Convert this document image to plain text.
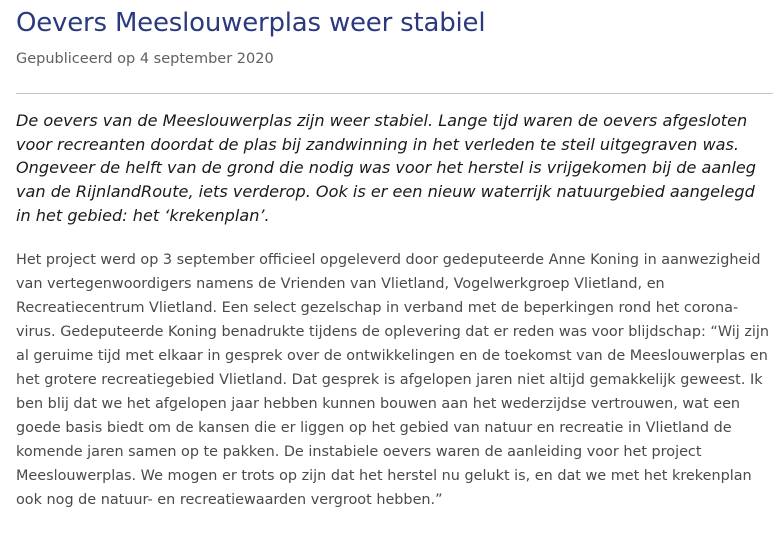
Oevers Meeslouwerplas weer stabiel

Gepubliceerd op 4 september 2020

De oevers van de Meeslouwerplas zijn weer stabiel. Lange tijd waren de oevers afgesloten voor recreanten doordat de plas bij zandwinning in het verleden te steil uitgegraven was. Ongeveer de helft van de grond die nodig was voor het herstel is vrijgekomen bij de aanleg van de RijnlandRoute, iets verderop. Ook is er een nieuw waterrijk natuurgebied aangelegd in het gebied: het ‘krekenplan’.

Het project werd op 3 september officieel opgeleverd door gedeputeerde Anne Koning in aanwezigheid van vertegenwoordigers namens de Vrienden van Vlietland, Vogelwerkgroep Vlietland, en Recreatiecentrum Vlietland. Een select gezelschap in verband met de beperkingen rond het corona-virus. Gedeputeerde Koning benadrukte tijdens de oplevering dat er reden was voor blijdschap: “Wij zijn al geruime tijd met elkaar in gesprek over de ontwikkelingen en de toekomst van de Meeslouwerplas en het grotere recreatiegebied Vlietland. Dat gesprek is afgelopen jaren niet altijd gemakkelijk geweest. Ik ben blij dat we het afgelopen jaar hebben kunnen bouwen aan het wederzijdse vertrouwen, wat een goede basis biedt om de kansen die er liggen op het gebied van natuur en recreatie in Vlietland de komende jaren samen op te pakken. De instabiele oevers waren de aanleiding voor het project Meeslouwerplas. We mogen er trots op zijn dat het herstel nu gelukt is, en dat we met het krekenplan ook nog de natuur- en recreatiewaarden vergroot hebben.”
